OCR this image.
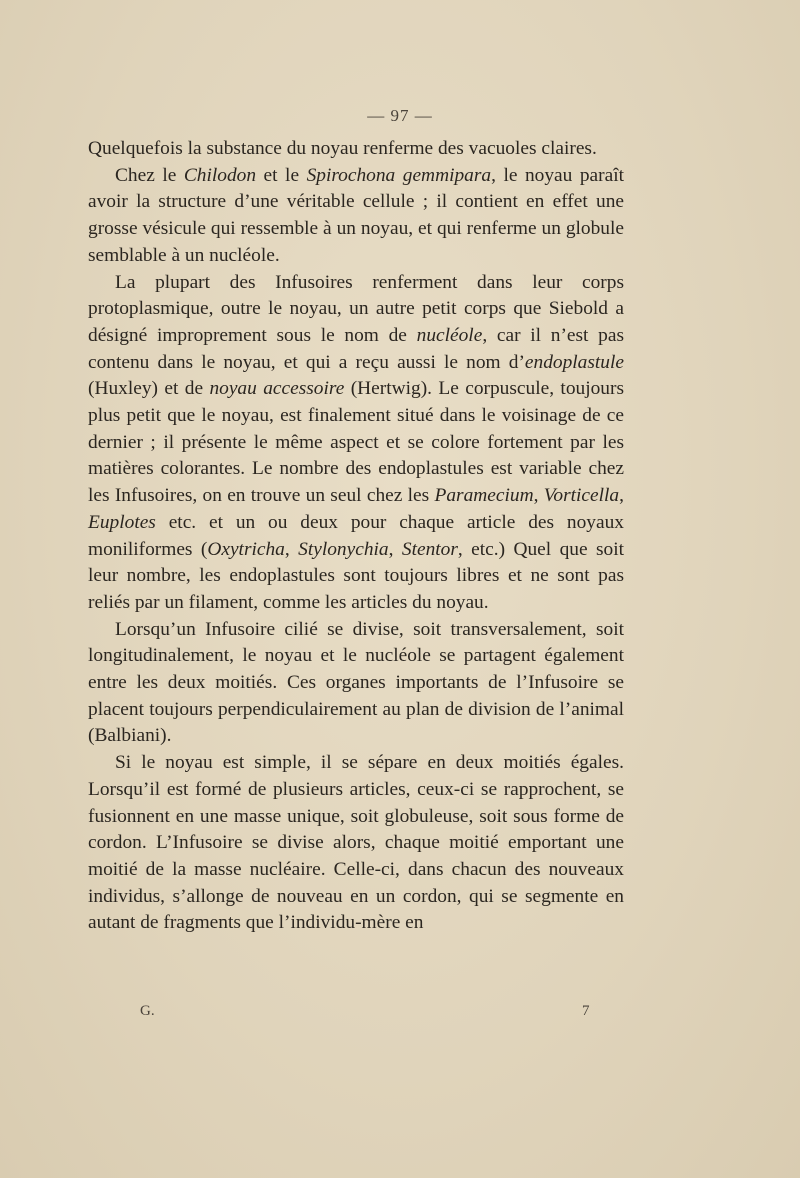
— 97 —

Quelquefois la substance du noyau renferme des vacuoles claires.

Chez le Chilodon et le Spirochona gemmipara, le noyau paraît avoir la structure d’une véritable cellule ; il contient en effet une grosse vésicule qui ressemble à un noyau, et qui renferme un globule semblable à un nucléole.

La plupart des Infusoires renferment dans leur corps protoplasmique, outre le noyau, un autre petit corps que Siebold a désigné improprement sous le nom de nucléole, car il n’est pas contenu dans le noyau, et qui a reçu aussi le nom d’endoplastule (Huxley) et de noyau accessoire (Hertwig). Le corpuscule, toujours plus petit que le noyau, est finalement situé dans le voisinage de ce dernier ; il présente le même aspect et se colore fortement par les matières colorantes. Le nombre des endoplastules est variable chez les Infusoires, on en trouve un seul chez les Paramecium, Vorticella, Euplotes etc. et un ou deux pour chaque article des noyaux moniliformes (Oxytricha, Stylonychia, Stentor, etc.) Quel que soit leur nombre, les endoplastules sont toujours libres et ne sont pas reliés par un filament, comme les articles du noyau.

Lorsqu’un Infusoire cilié se divise, soit transversalement, soit longitudinalement, le noyau et le nucléole se partagent également entre les deux moitiés. Ces organes importants de l’Infusoire se placent toujours perpendiculairement au plan de division de l’animal (Balbiani).

Si le noyau est simple, il se sépare en deux moitiés égales. Lorsqu’il est formé de plusieurs articles, ceux-ci se rapprochent, se fusionnent en une masse unique, soit globuleuse, soit sous forme de cordon. L’Infusoire se divise alors, chaque moitié emportant une moitié de la masse nucléaire. Celle-ci, dans chacun des nouveaux individus, s’allonge de nouveau en un cordon, qui se segmente en autant de fragments que l’individu-mère en

G.	7
